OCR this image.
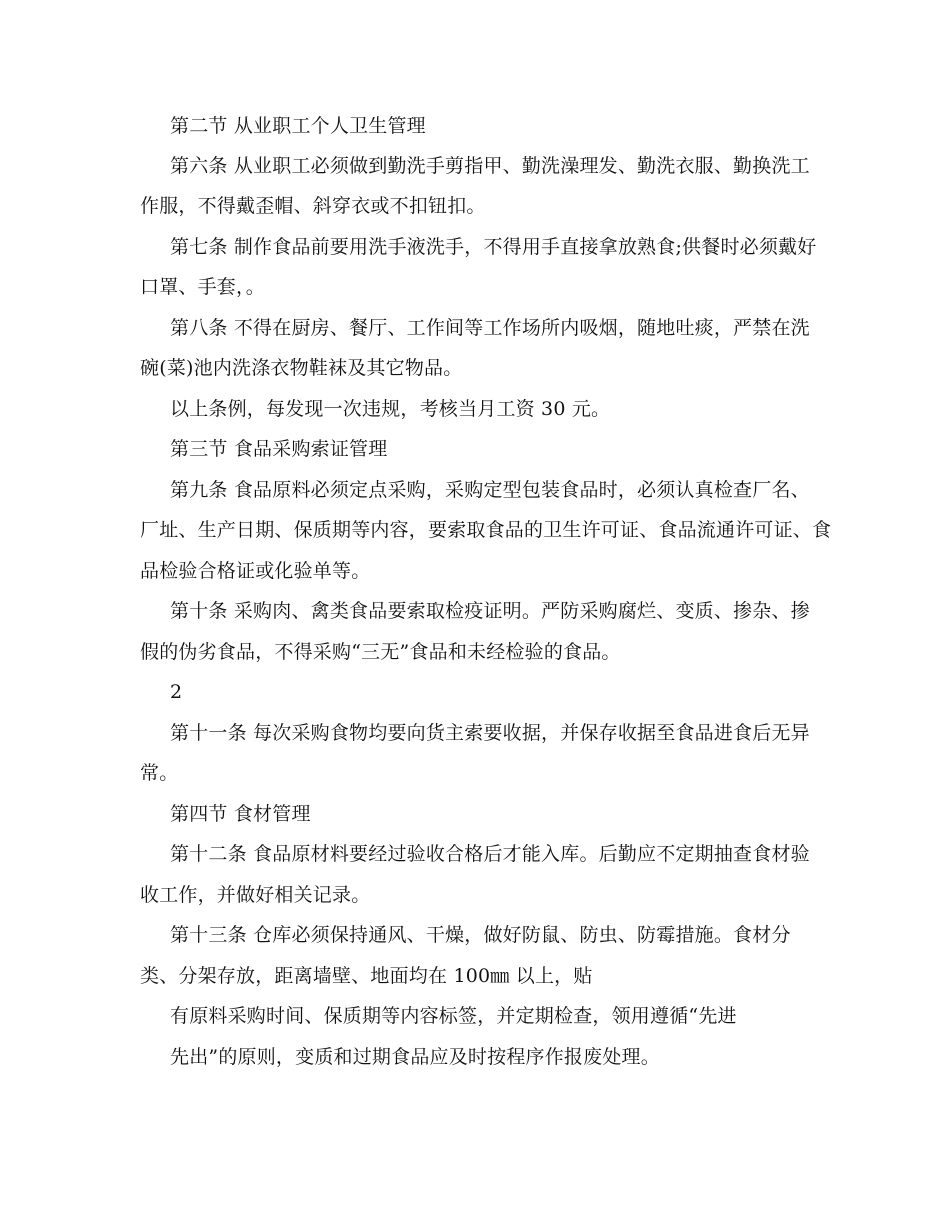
第二节 从业职工个人卫生管理
第六条 从业职工必须做到勤洗手剪指甲、勤洗澡理发、勤洗衣服、勤换洗工
作服，不得戴歪帽、斜穿衣或不扣钮扣。
第七条 制作食品前要用洗手液洗手，不得用手直接拿放熟食;供餐时必须戴好
口罩、手套，。
第八条 不得在厨房、餐厅、工作间等工作场所内吸烟，随地吐痰，严禁在洗
碗(菜)池内洗涤衣物鞋袜及其它物品。
以上条例，每发现一次违规，考核当月工资 30 元。
第三节 食品采购索证管理
第九条 食品原料必须定点采购，采购定型包装食品时，必须认真检查厂名、
厂址、生产日期、保质期等内容，要索取食品的卫生许可证、食品流通许可证、食
品检验合格证或化验单等。
第十条 采购肉、禽类食品要索取检疫证明。严防采购腐烂、变质、掺杂、掺
假的伪劣食品，不得采购“三无”食品和未经检验的食品。
2
第十一条 每次采购食物均要向货主索要收据，并保存收据至食品进食后无异
常。
第四节 食材管理
第十二条 食品原材料要经过验收合格后才能入库。后勤应不定期抽查食材验
收工作，并做好相关记录。
第十三条 仓库必须保持通风、干燥，做好防鼠、防虫、防霉措施。食材分
类、分架存放，距离墙壁、地面均在 100㎜ 以上，贴
有原料采购时间、保质期等内容标签，并定期检查，领用遵循“先进
先出”的原则，变质和过期食品应及时按程序作报废处理。
